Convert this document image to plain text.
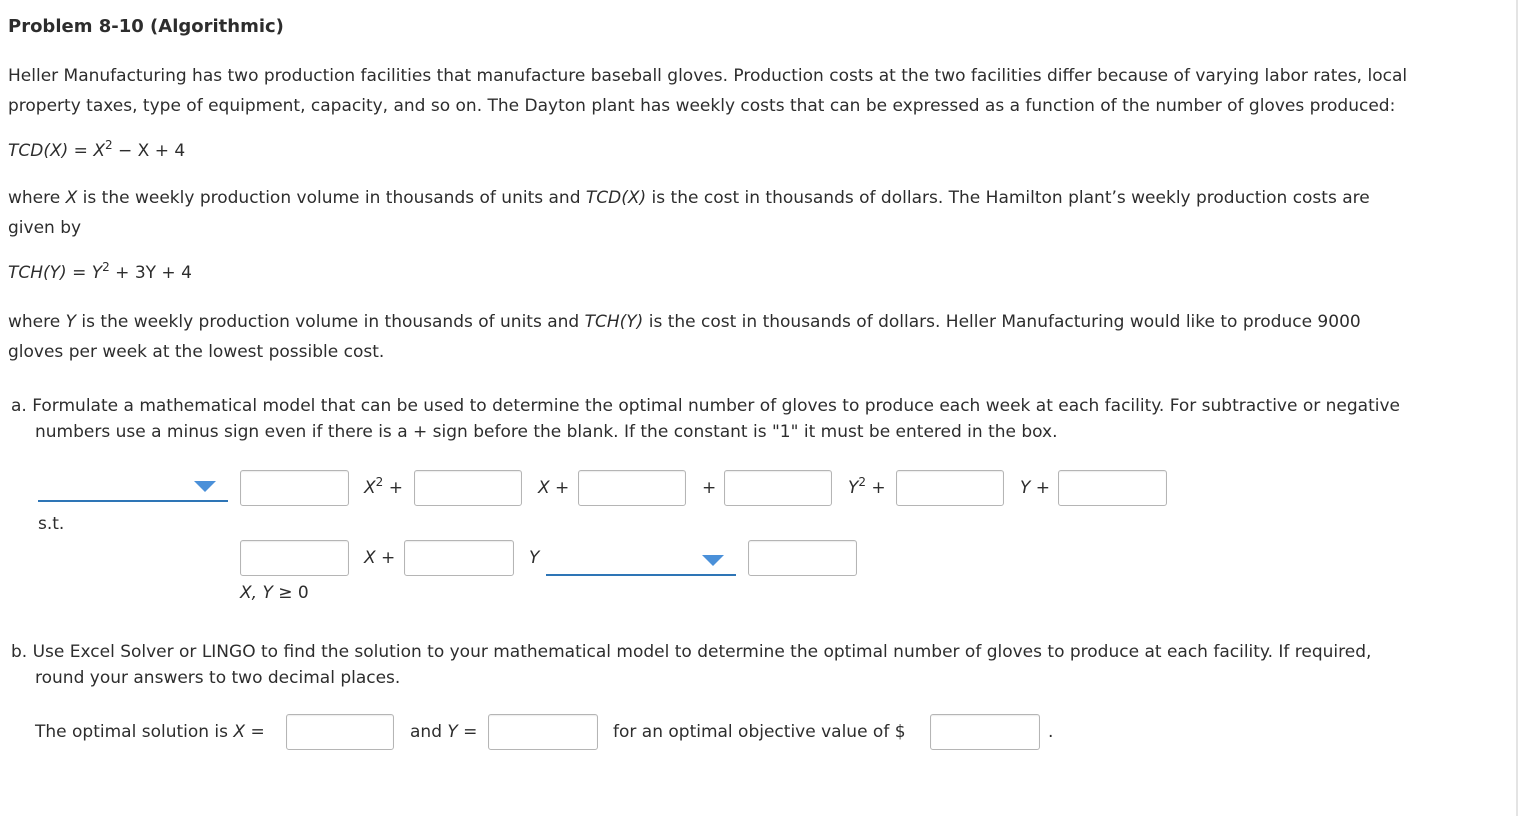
Problem 8-10 (Algorithmic)
Heller Manufacturing has two production facilities that manufacture baseball gloves. Production costs at the two facilities differ because of varying labor rates, local
property taxes, type of equipment, capacity, and so on. The Dayton plant has weekly costs that can be expressed as a function of the number of gloves produced:
$TCD(X) = X^2 - X + 4$
where X is the weekly production volume in thousands of units and TCD(X) is the cost in thousands of dollars. The Hamilton plant’s weekly production costs are
given by
$TCH(Y) = Y^2 + 3Y + 4$
where Y is the weekly production volume in thousands of units and TCH(Y) is the cost in thousands of dollars. Heller Manufacturing would like to produce 9000
gloves per week at the lowest possible cost.
a. Formulate a mathematical model that can be used to determine the optimal number of gloves to produce each week at each facility. For subtractive or negative
numbers use a minus sign even if there is a + sign before the blank. If the constant is "1" it must be entered in the box.
$X^2$ +	X +	+	$Y^2$ +	Y +
s.t.
X +	Y
X, Y ≥ 0
b. Use Excel Solver or LINGO to find the solution to your mathematical model to determine the optimal number of gloves to produce at each facility. If required,
round your answers to two decimal places.
The optimal solution is X =	and Y =	for an optimal objective value of $	.
